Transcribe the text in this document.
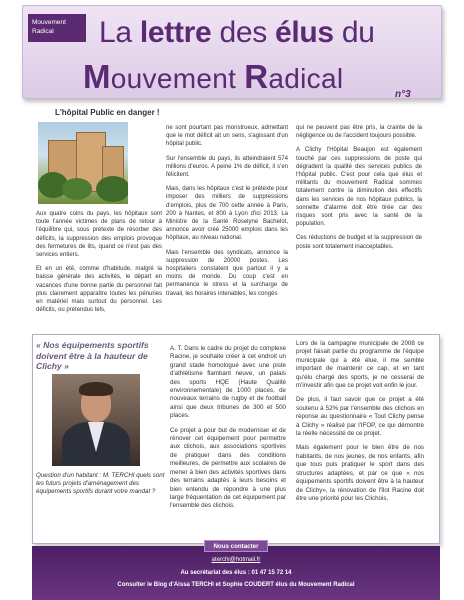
Mouvement
Radical	La lettre des élus du
Mouvement Radical
n°3
L'hôpital Public en danger !

Aux quatre coins du pays, les hôpitaux sont toute l'année victimes de plans de retour à l'équilibre qui, sous prétexte de résorber des déficits, la suppression des emplois provoque des fermetures de lits, quand ce n'est pas des services entiers.

Et en un été, comme d'habitude, malgré la baisse générale des activités, le départ en vacances d'une bonne partie du personnel fait plus clairement apparaître toutes les pénuries en matériel mais surtout du personnel. Les déficits, ou prétendus tels,

ne sont pourtant pas monstrueux, admettant que le mot déficit ait un sens, s'agissant d'un hôpital public.

Sur l'ensemble du pays, ils atteindraient 574 millions d'euros. A peine 1% de déficit, il s'en félicitent.

Mais, dans les hôpitaux c'est le prétexte pour imposer des milliers de suppressions d'emplois, plus de 700 cette année à Paris, 200 à Nantes, et 800 à Lyon d'ici 2013. La Ministre de la Santé Roselyne Bachelot, annonce avoir créé 25000 emplois dans les hôpitaux, au niveau national.

Mais l'ensemble des syndicats, annonce la suppression de 20000 postes. Les hospitaliers constatent que partout il y a moins de monde. Du coup c'est en permanence le stress et la surcharge de travail, les horaires intenables, les congés

qui ne peuvent pas être pris, la crainte de la négligence ou de l'accident toujours possible.

A Clichy l'Hôpital Beaujon est également touché par ces suppressions de poste qui dégradent la qualité des services publics de l'hôpital public. C'est pour cela que élus et militants du mouvement Radical sommes totalement contre la diminution des effectifs dans les services de nos hôpitaux publics, la sonnette d'alarme doit être tirée car des risques sont pris avec la santé de la population.

Ces réductions de budget et la suppression de poste sont totalement inacceptables.

« Nos équipements sportifs doivent être à la hauteur de Clichy »
Question d'un habitant : M. TERCHI quels sont les futurs projets d'aménagement des équipements sportifs durant votre mandat ?

A. T. Dans le cadre du projet du complexe Racine, je souhaite créer à cet endroit un grand stade homologué avec une piste d'athlétisme flambant neuve, un palais des sports HQE (Haute Qualité environnementale) de 1000 places, de nouveaux terrains de rugby et de football ainsi que deux tribunes de 300 et 500 places.

Ce projet a pour but de moderniser et de rénover cet équipement pour permettre aux clichois, aux associations sportives de pratiquer dans des conditions meilleures, de permettre aux scolaires de mener à bien des activités sportives dans des terrains adaptés à leurs besoins et bien entendu de répondre à une plus large fréquentation de cet équipement par l'ensemble des clichois.

Lors de la campagne municipale de 2008 ce projet faisait partie du programme de l'équipe municipale qui a été élue, il me semble important de maintenir ce cap, et en tant qu'élu chargé des sports, je ne cesserai de m'investir afin que ce projet voit enfin le jour.

De plus, il faut savoir que ce projet a été soutenu à 52% par l'ensemble des clichois en réponse au questionnaire « Tout Clichy pense à Clichy » réalisé par l'IFOP, ce qui démontre la réelle nécessité de ce projet.

Mais également pour le bien être de nos habitants, de nos jeunes, de nos enfants, afin que tous puis pratiquer le sport dans des structures adaptées, et par ce que « nos équipements sportifs doivent être à la hauteur de Clichy», la rénovation de l'îlot Racine doit être une priorité pour les Clichois.

Nous contacter
aterchi@hotmail.fr
Au secrétariat des élus : 01 47 15 72 14
Consulter le Blog d'Aissa TERCHI et Sophie COUDERT élus du Mouvement Radical
